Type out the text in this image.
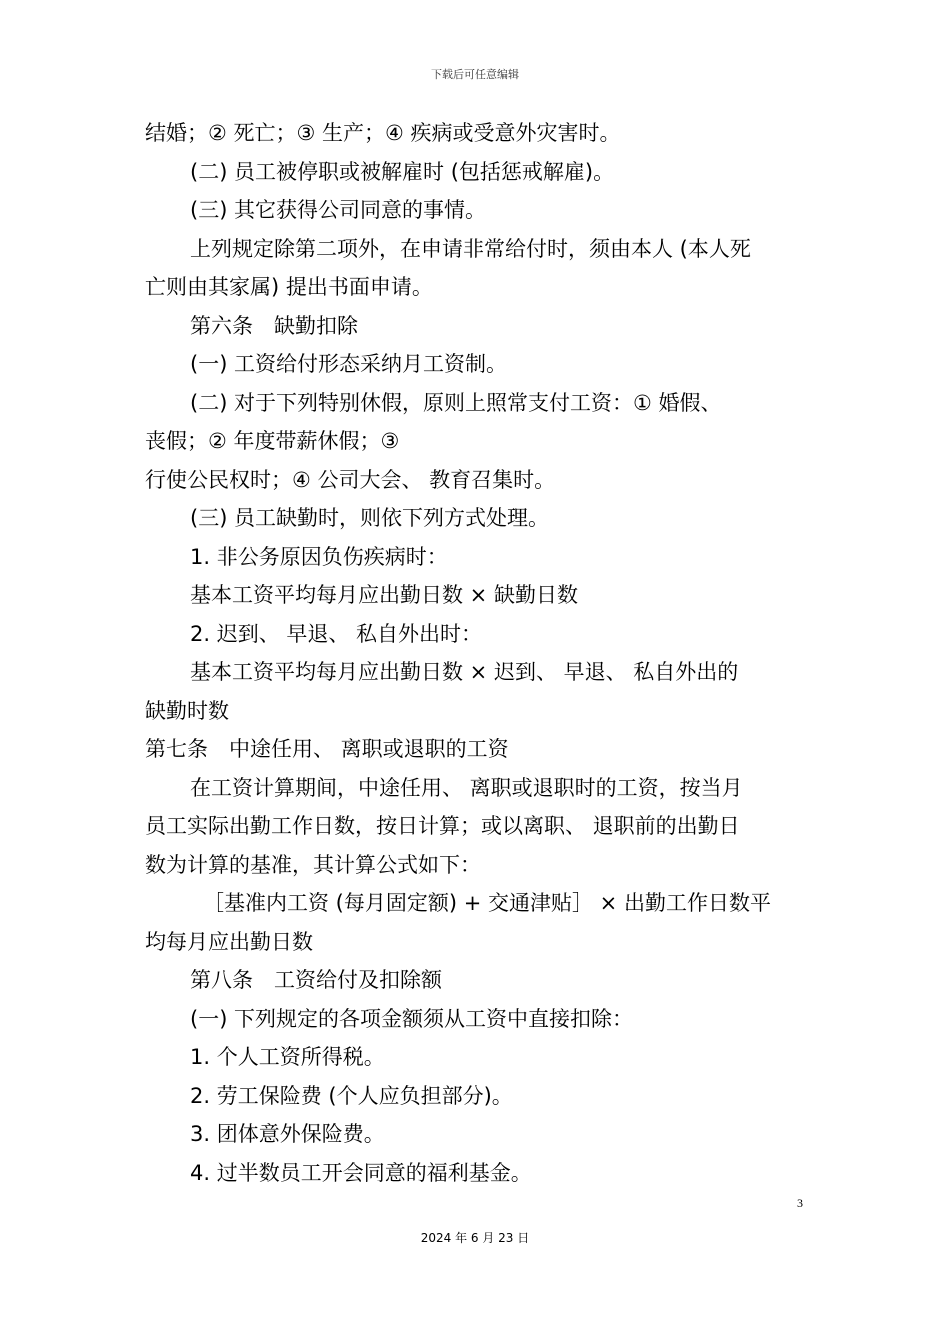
下载后可任意编辑
结婚；② 死亡；③ 生产；④ 疾病或受意外灾害时。
(二) 员工被停职或被解雇时 (包括惩戒解雇)。
(三) 其它获得公司同意的事情。
上列规定除第二项外，在申请非常给付时，须由本人 (本人死
亡则由其家属) 提出书面申请。
第六条　缺勤扣除
(一) 工资给付形态采纳月工资制。
(二) 对于下列特别休假，原则上照常支付工资：① 婚假、
丧假；② 年度带薪休假；③
行使公民权时；④ 公司大会、 教育召集时。
(三) 员工缺勤时，则依下列方式处理。
1. 非公务原因负伤疾病时：
基本工资平均每月应出勤日数 × 缺勤日数
2. 迟到、 早退、 私自外出时：
基本工资平均每月应出勤日数 × 迟到、 早退、 私自外出的
缺勤时数
第七条　中途任用、 离职或退职的工资
在工资计算期间，中途任用、 离职或退职时的工资，按当月
员工实际出勤工作日数，按日计算；或以离职、 退职前的出勤日
数为计算的基准，其计算公式如下：
［基准内工资 (每月固定额) + 交通津贴］ × 出勤工作日数平
均每月应出勤日数
第八条　工资给付及扣除额
(一) 下列规定的各项金额须从工资中直接扣除：
1. 个人工资所得税。
2. 劳工保险费 (个人应负担部分)。
3. 团体意外保险费。
4. 过半数员工开会同意的福利基金。
3
2024 年 6 月 23 日
